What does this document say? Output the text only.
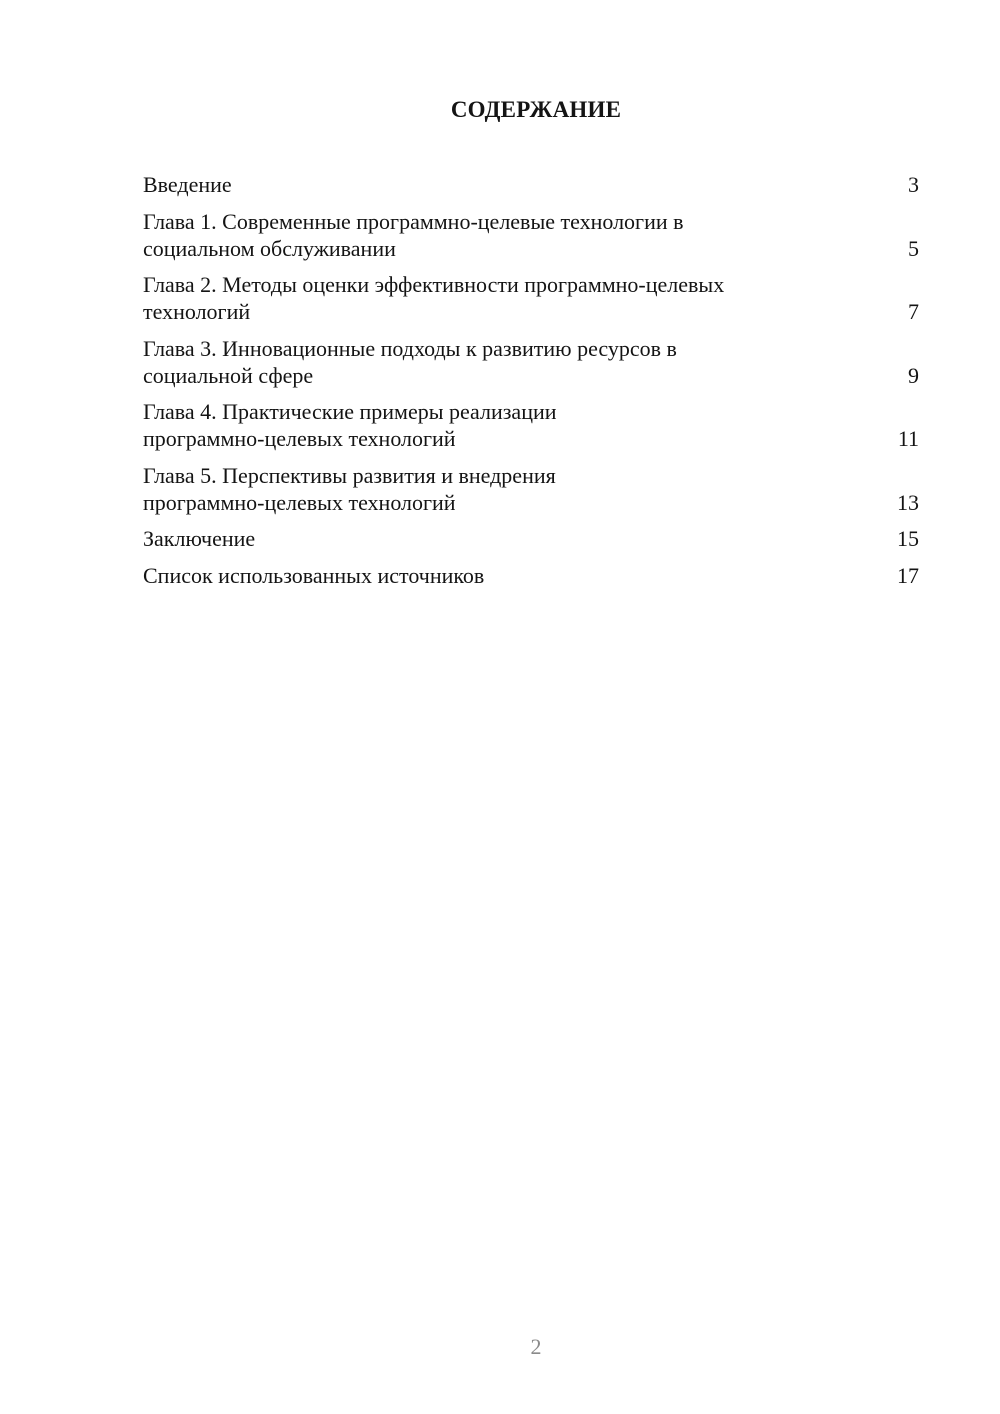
СОДЕРЖАНИЕ
Введение	3
Глава 1. Современные программно-целевые технологии в
социальном обслуживании	5
Глава 2. Методы оценки эффективности программно-целевых
технологий	7
Глава 3. Инновационные подходы к развитию ресурсов в
социальной сфере	9
Глава 4. Практические примеры реализации
программно-целевых технологий	11
Глава 5. Перспективы развития и внедрения
программно-целевых технологий	13
Заключение	15
Список использованных источников	17
2
